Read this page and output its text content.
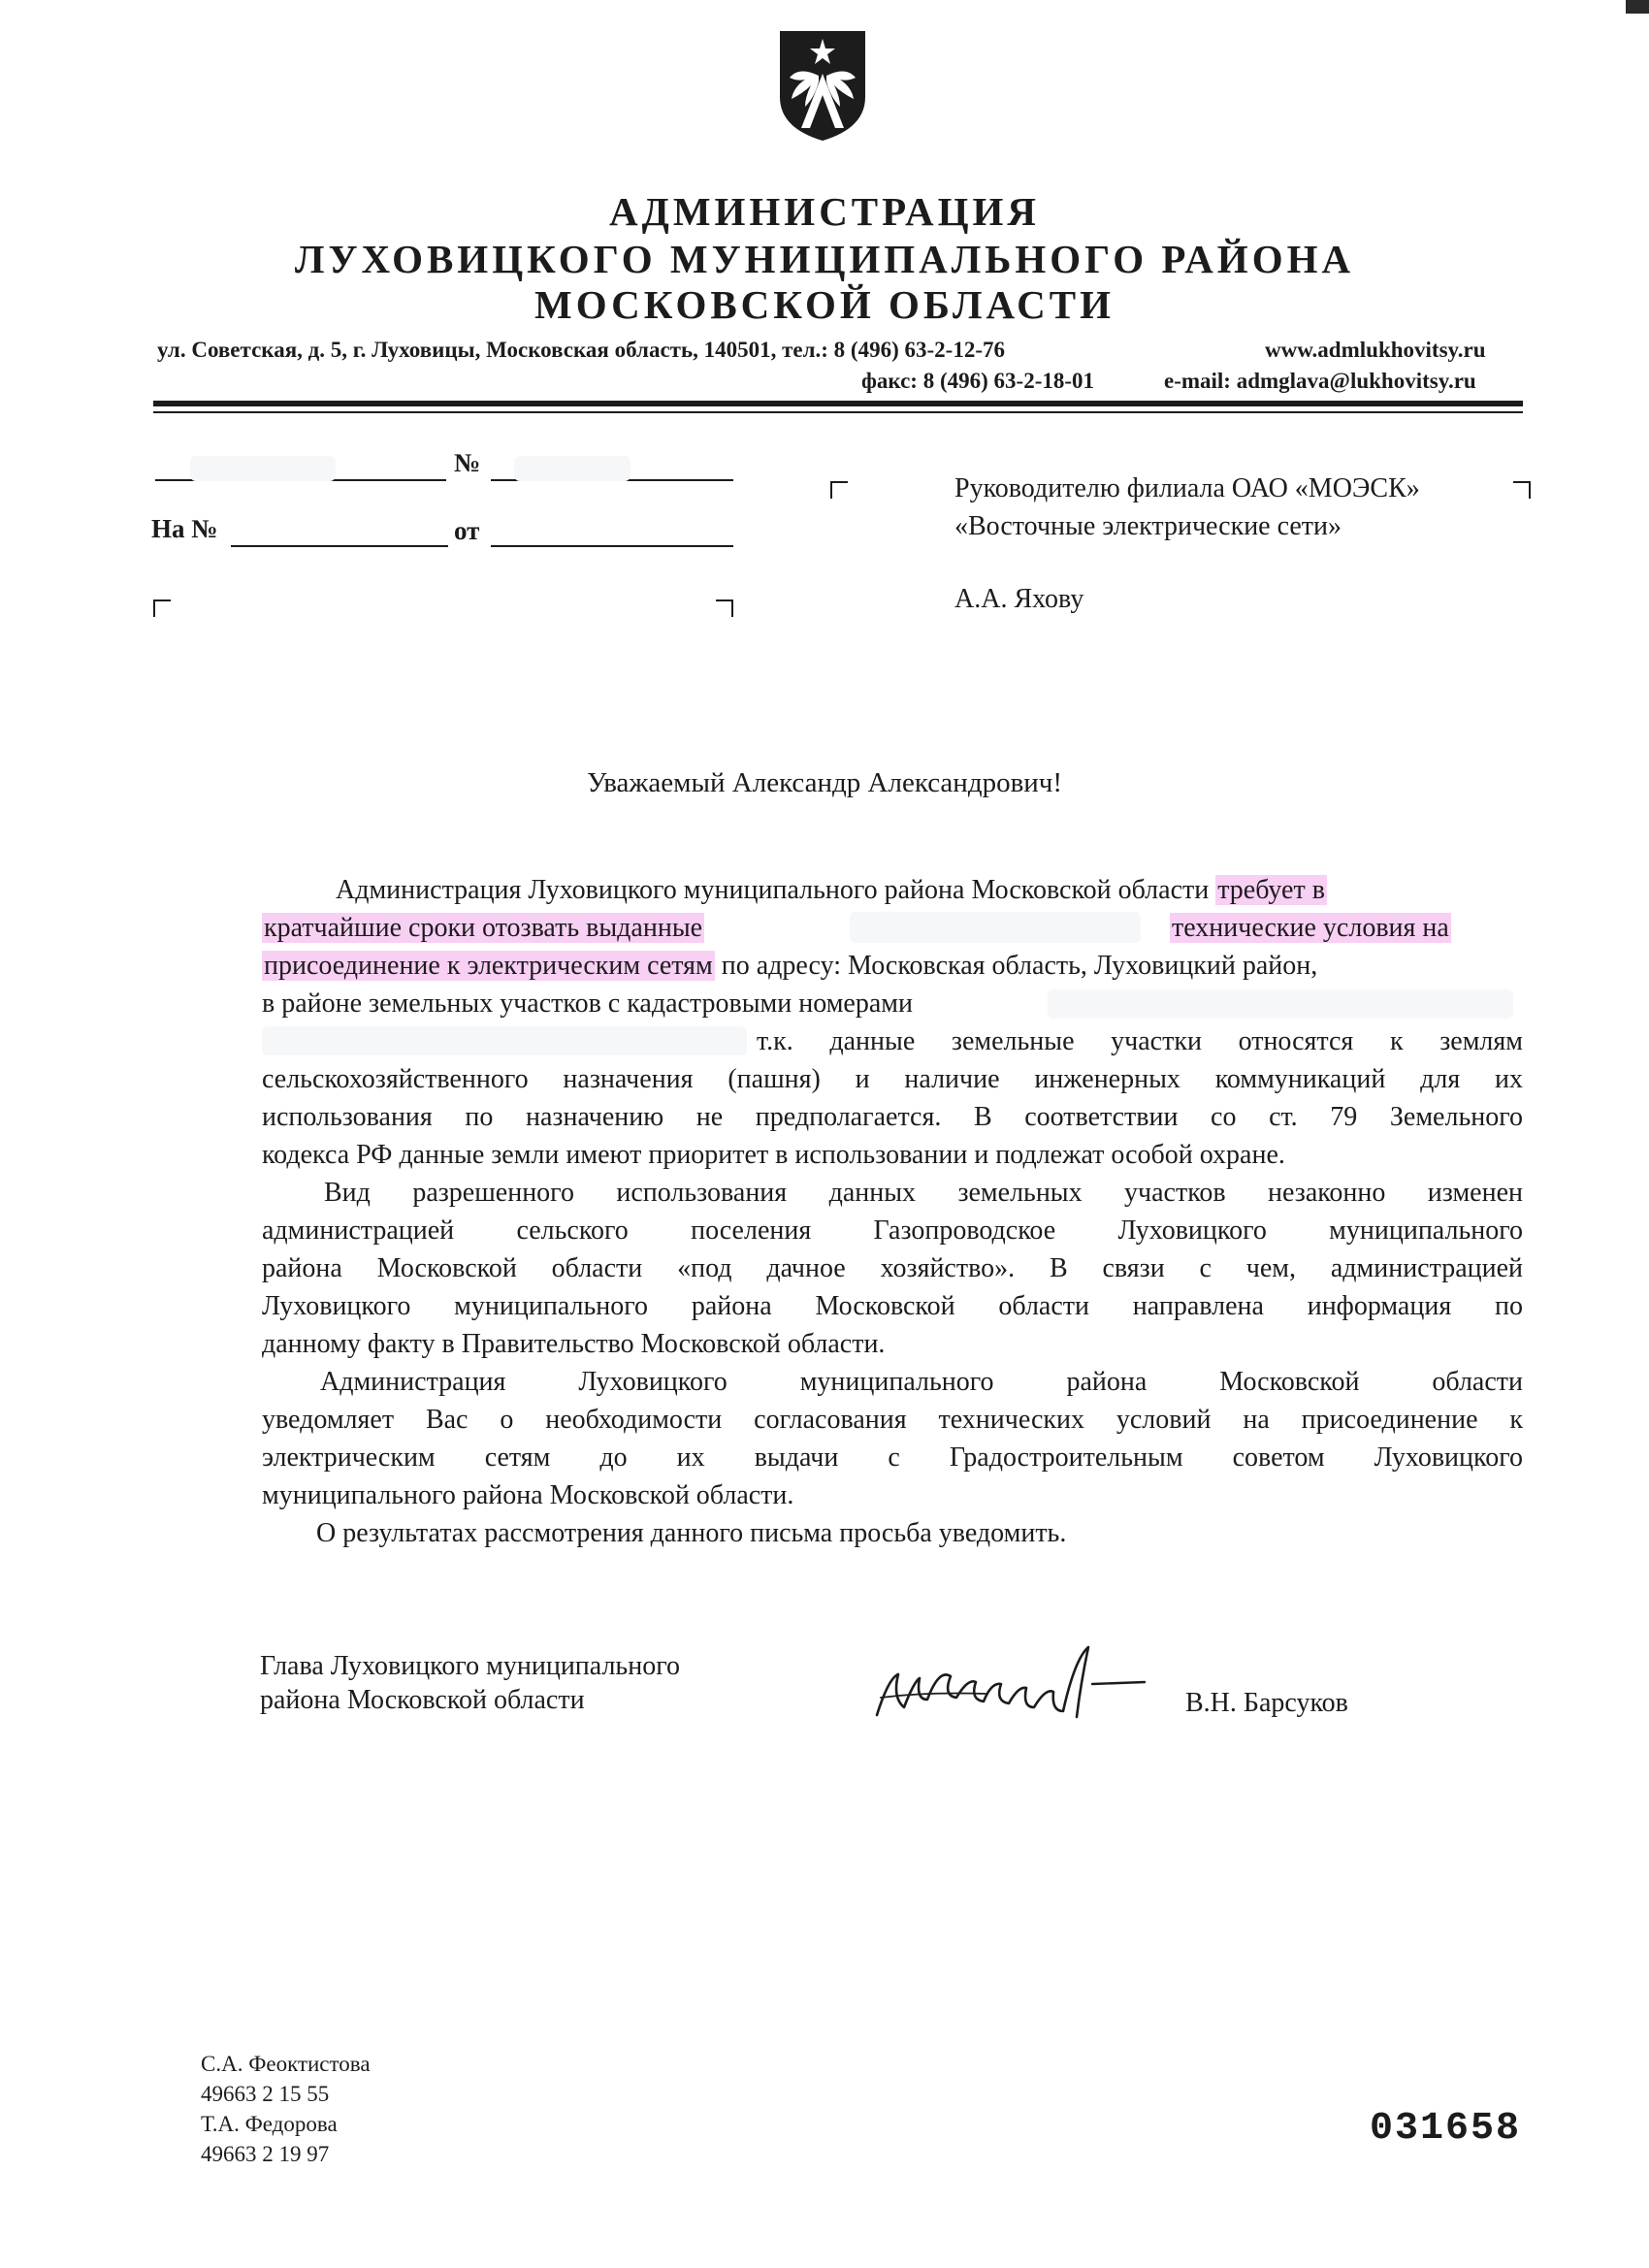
АДМИНИСТРАЦИЯ
ЛУХОВИЦКОГО МУНИЦИПАЛЬНОГО РАЙОНА
МОСКОВСКОЙ ОБЛАСТИ
ул. Советская, д. 5, г. Луховицы, Московская область, 140501, тел.: 8 (496) 63-2-12-76
факс: 8 (496) 63-2-18-01
www.admlukhovitsy.ru
e-mail: admglava@lukhovitsy.ru
№
На №	от
Руководителю филиала ОАО «МОЭСК»
«Восточные электрические сети»
А.А. Яхову
Уважаемый Александр Александрович!
Администрация Луховицкого муниципального района Московской области требует в
кратчайшие сроки отозвать выданные	технические условия на
присоединение к электрическим сетям по адресу: Московская область, Луховицкий район,
в районе земельных участков с кадастровыми номерами
т.к. данные земельные участки относятся к землям
сельскохозяйственного назначения (пашня) и наличие инженерных коммуникаций для их
использования по назначению не предполагается. В соответствии со ст. 79 Земельного
кодекса РФ данные земли имеют приоритет в использовании и подлежат особой охране.
Вид разрешенного использования данных земельных участков незаконно изменен
администрацией сельского поселения Газопроводское Луховицкого муниципального
района Московской области «под дачное хозяйство». В связи с чем, администрацией
Луховицкого муниципального района Московской области направлена информация по
данному факту в Правительство Московской области.
Администрация Луховицкого муниципального района Московской области
уведомляет Вас о необходимости согласования технических условий на присоединение к
электрическим сетям до их выдачи с Градостроительным советом Луховицкого
муниципального района Московской области.
О результатах рассмотрения данного письма просьба уведомить.
Глава Луховицкого муниципального
района Московской области	В.Н. Барсуков
С.А. Феоктистова
49663 2 15 55
Т.А. Федорова
49663 2 19 97
031658
